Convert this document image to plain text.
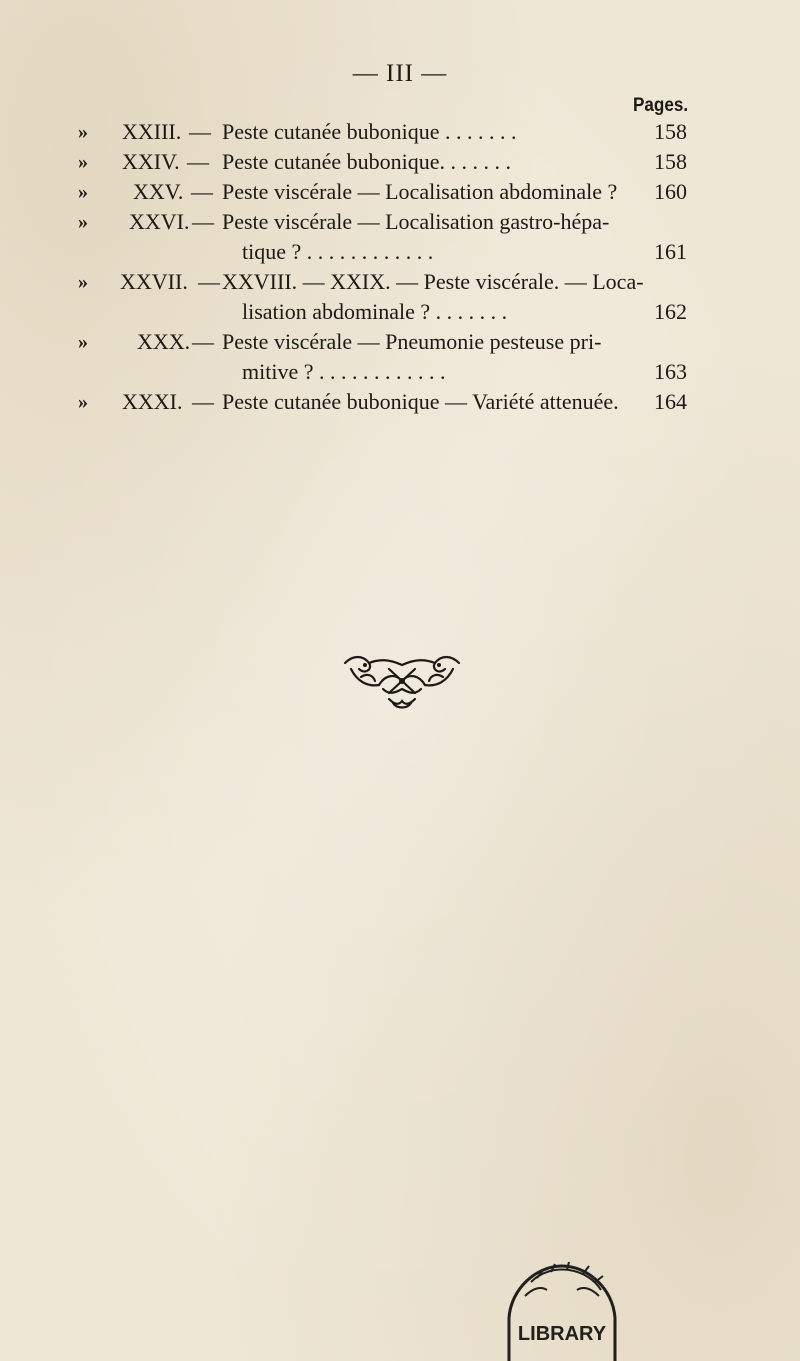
— III —
Pages.
»	XXIII. — Peste cutanée bubonique . . . . . . .	158
»	XXIV. — Peste cutanée bubonique. . . . . . .	158
»	XXV. — Peste viscérale — Localisation abdominale ? 160
»	XXVI. — Peste viscérale — Localisation gastro-hépa-
tique ? . . . . . . . . . . . .	161
»	XXVII. — XXVIII. — XXIX. — Peste viscérale. — Loca-
lisation abdominale ? . . . . . . .	162
»	XXX. — Peste viscérale — Pneumonie pesteuse pri-
mitive ? . . . . . . . . . . . .	163
»	XXXI. — Peste cutanée bubonique — Variété attenuée. 164
LIBRARY
